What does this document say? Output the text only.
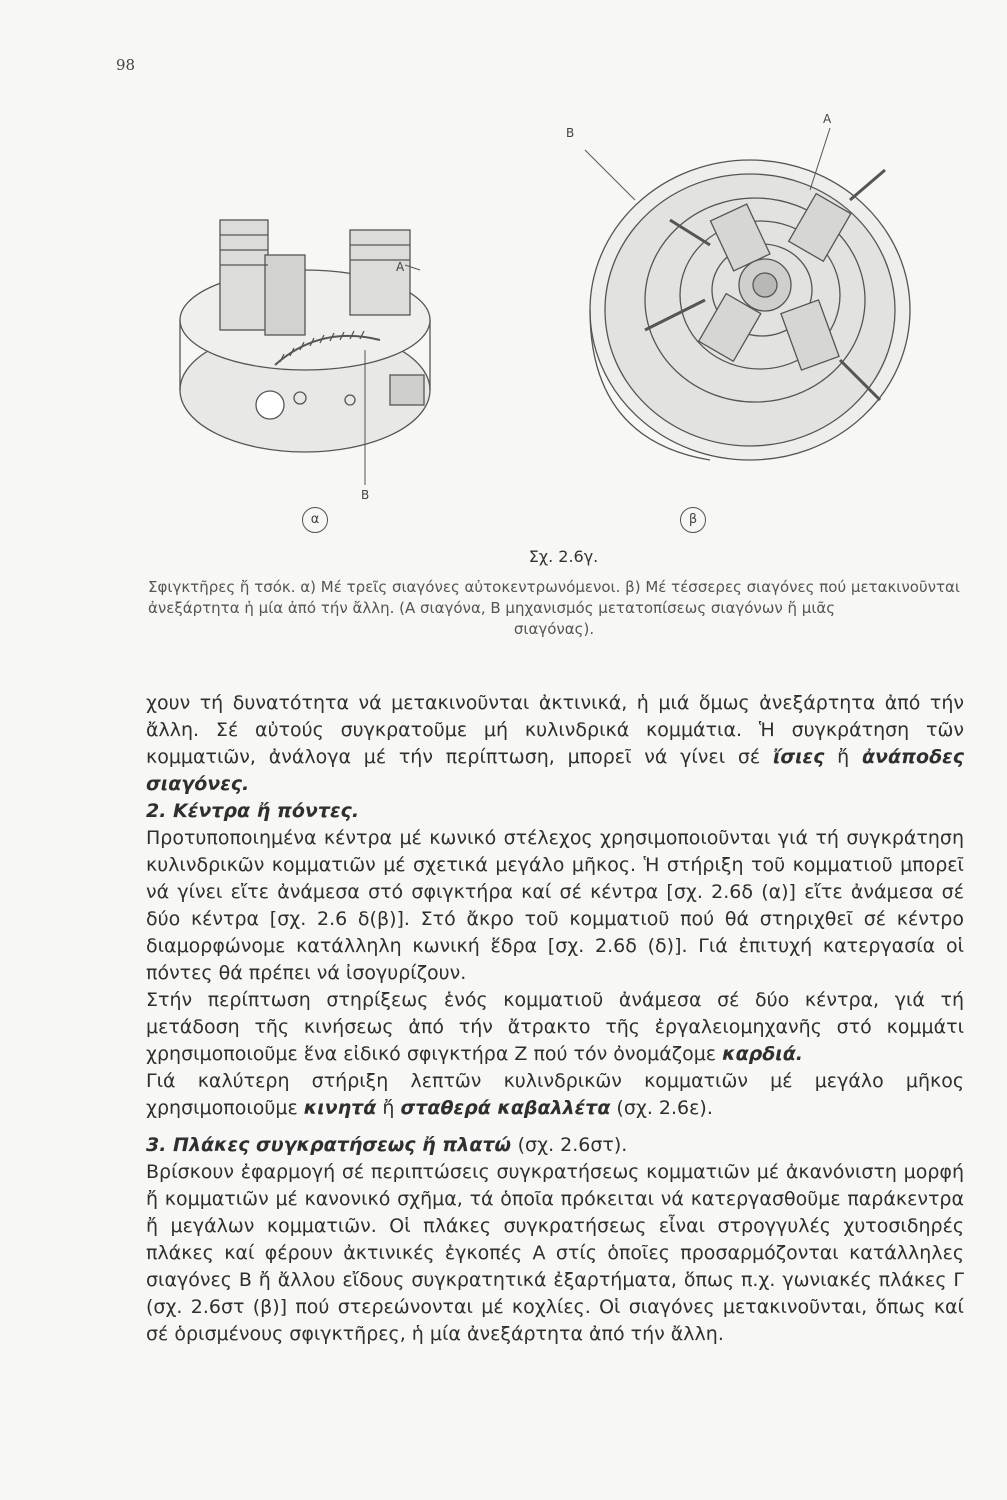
98
A
B
B
A
α	β
Σχ. 2.6γ.
Σφιγκτῆρες ἤ τσόκ. α) Μέ τρεῖς σιαγόνες αὐτοκεντρωνόμενοι. β) Μέ τέσσερες σιαγόνες πού μετακινοῦνται ἀνεξάρτητα ἡ μία ἀπό τήν ἄλλη. (Α σιαγόνα, Β μηχανισμός μετατοπίσεως σιαγόνων ἤ μιᾶς
σιαγόνας).

χουν τή δυνατότητα νά μετακινοῦνται ἀκτινικά, ἡ μιά ὅμως ἀνεξάρτητα ἀπό τήν ἄλλη. Σέ αὐτούς συγκρατοῦμε μή κυλινδρικά κομμάτια. Ἡ συγκράτηση τῶν κομματιῶν, ἀνάλογα μέ τήν περίπτωση, μπορεῖ νά γίνει σέ ἴσιες ἤ ἀνάποδες σιαγόνες.

2. Κέντρα ἤ πόντες.

Προτυποποιημένα κέντρα μέ κωνικό στέλεχος χρησιμοποιοῦνται γιά τή συγκράτηση κυλινδρικῶν κομματιῶν μέ σχετικά μεγάλο μῆκος. Ἡ στήριξη τοῦ κομματιοῦ μπορεῖ νά γίνει εἴτε ἀνάμεσα στό σφιγκτήρα καί σέ κέντρα [σχ. 2.6δ (α)] εἴτε ἀνάμεσα σέ δύο κέντρα [σχ. 2.6 δ(β)]. Στό ἄκρο τοῦ κομματιοῦ πού θά στηριχθεῖ σέ κέντρο διαμορφώνομε κατάλληλη κωνική ἕδρα [σχ. 2.6δ (δ)]. Γιά ἐπιτυχή κατεργασία οἱ πόντες θά πρέπει νά ἰσογυρίζουν.

Στήν περίπτωση στηρίξεως ἑνός κομματιοῦ ἀνάμεσα σέ δύο κέντρα, γιά τή μετάδοση τῆς κινήσεως ἀπό τήν ἄτρακτο τῆς ἐργαλειομηχανῆς στό κομμάτι χρησιμοποιοῦμε ἕνα εἰδικό σφιγκτήρα Ζ πού τόν ὀνομάζομε καρδιά.

Γιά καλύτερη στήριξη λεπτῶν κυλινδρικῶν κομματιῶν μέ μεγάλο μῆκος χρησιμοποιοῦμε κινητά ἤ σταθερά καβαλλέτα (σχ. 2.6ε).

3. Πλάκες συγκρατήσεως ἤ πλατώ (σχ. 2.6στ).

Βρίσκουν ἐφαρμογή σέ περιπτώσεις συγκρατήσεως κομματιῶν μέ ἀκανόνιστη μορφή ἤ κομματιῶν μέ κανονικό σχῆμα, τά ὁποῖα πρόκειται νά κατεργασθοῦμε παράκεντρα ἤ μεγάλων κομματιῶν. Οἱ πλάκες συγκρατήσεως εἶναι στρογγυλές χυτοσιδηρές πλάκες καί φέρουν ἀκτινικές ἐγκοπές Α στίς ὁποῖες προσαρμόζονται κατάλληλες σιαγόνες Β ἤ ἄλλου εἴδους συγκρατητικά ἐξαρτήματα, ὅπως π.χ. γωνιακές πλάκες Γ (σχ. 2.6στ (β)] πού στερεώνονται μέ κοχλίες. Οἱ σιαγόνες μετακινοῦνται, ὅπως καί σέ ὁρισμένους σφιγκτῆρες, ἡ μία ἀνεξάρτητα ἀπό τήν ἄλλη.
